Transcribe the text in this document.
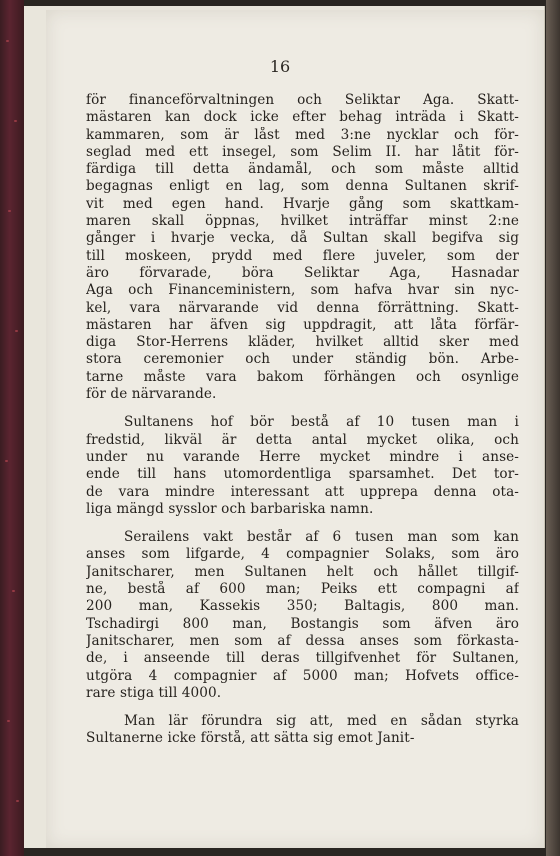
16
för financeförvaltningen och Seliktar Aga. Skatt-
mästaren kan dock icke efter behag inträda i Skatt-
kammaren, som är låst med 3:ne nycklar och för-
seglad med ett insegel, som Selim II. har låtit för-
färdiga till detta ändamål, och som måste alltid
begagnas enligt en lag, som denna Sultanen skrif-
vit med egen hand. Hvarje gång som skattkam-
maren skall öppnas, hvilket inträffar minst 2:ne
gånger i hvarje vecka, då Sultan skall begifva sig
till moskeen, prydd med flere juveler, som der
äro förvarade, böra Seliktar Aga, Hasnadar
Aga och Financeministern, som hafva hvar sin nyc-
kel, vara närvarande vid denna förrättning. Skatt-
mästaren har äfven sig uppdragit, att låta förfär-
diga Stor-Herrens kläder, hvilket alltid sker med
stora ceremonier och under ständig bön. Arbe-
tarne måste vara bakom förhängen och osynlige
för de närvarande.
Sultanens hof bör bestå af 10 tusen man i
fredstid, likväl är detta antal mycket olika, och
under nu varande Herre mycket mindre i anse-
ende till hans utomordentliga sparsamhet. Det tor-
de vara mindre interessant att upprepa denna ota-
liga mängd sysslor och barbariska namn.
Serailens vakt består af 6 tusen man som kan
anses som lifgarde, 4 compagnier Solaks, som äro
Janitscharer, men Sultanen helt och hållet tillgif-
ne, bestå af 600 man; Peiks ett compagni af
200 man, Kassekis 350; Baltagis, 800 man.
Tschadirgi 800 man, Bostangis som äfven äro
Janitscharer, men som af dessa anses som förkasta-
de, i anseende till deras tillgifvenhet för Sultanen,
utgöra 4 compagnier af 5000 man; Hofvets office-
rare stiga till 4000.
Man lär förundra sig att, med en sådan styrka
Sultanerne icke förstå, att sätta sig emot Janit-
